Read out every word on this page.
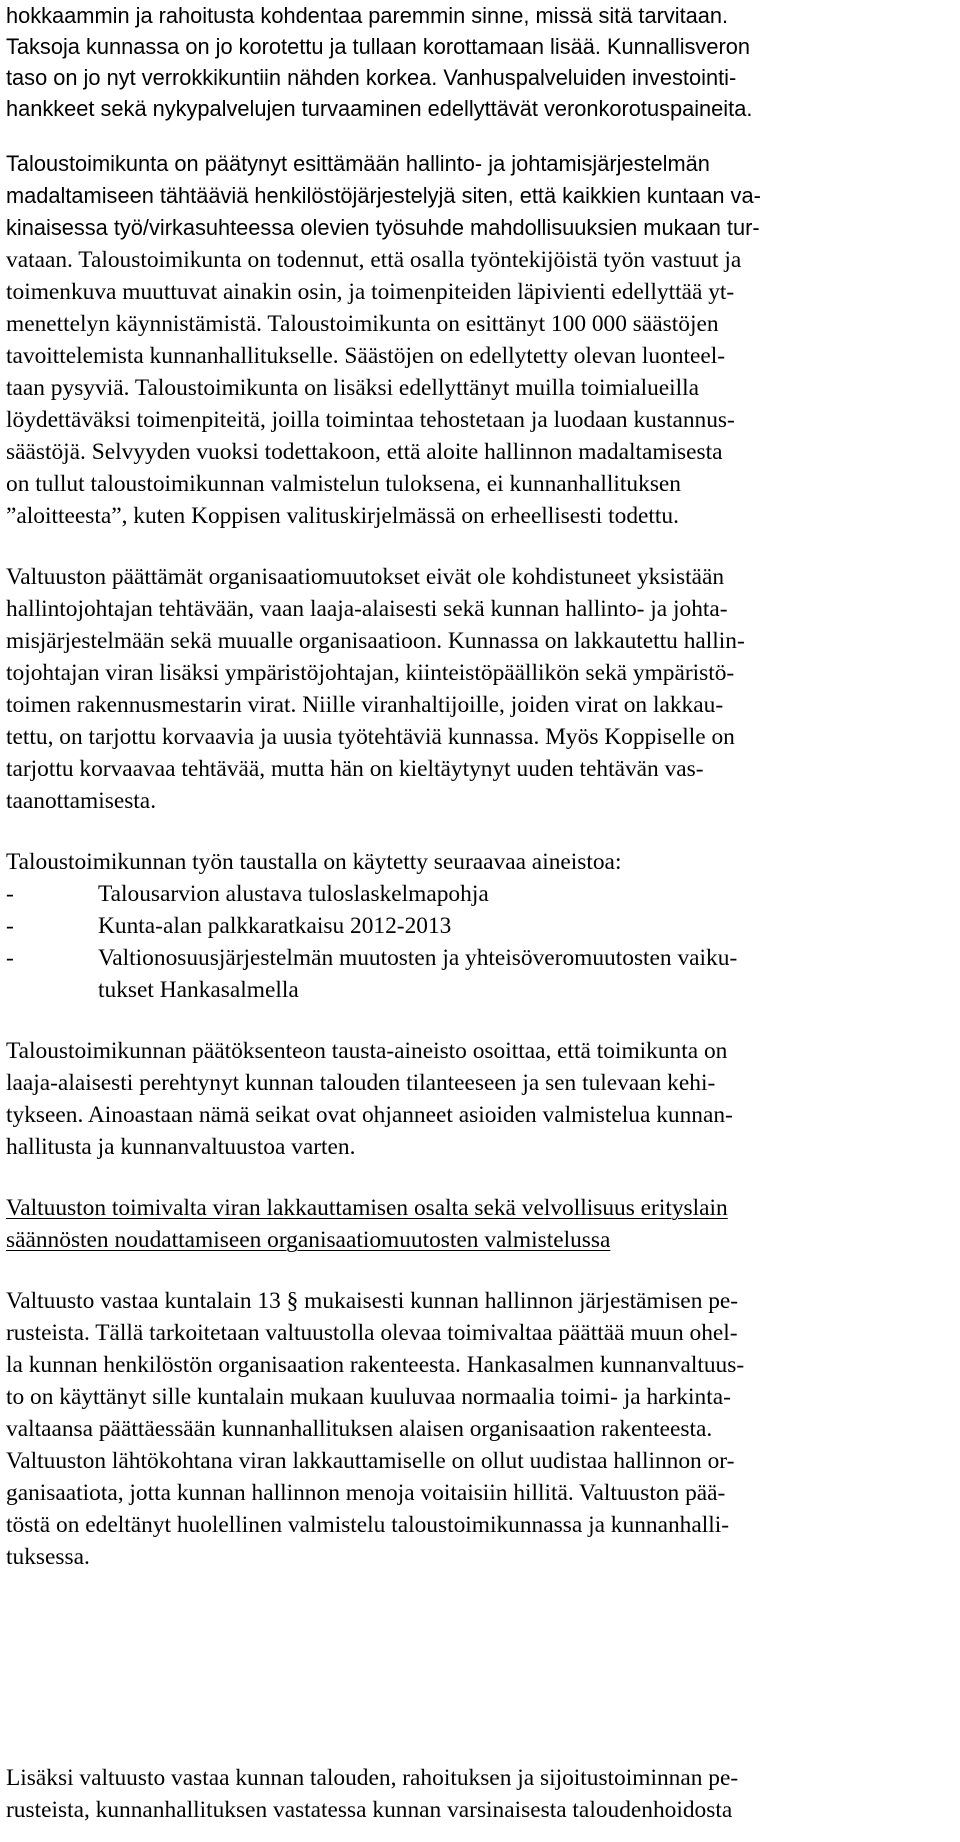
hokkaammin ja rahoitusta kohdentaa paremmin sinne, missä sitä tarvitaan.

Taksoja kunnassa on jo korotettu ja tullaan korottamaan lisää. Kunnallisveron

taso on jo nyt verrokkikuntiin nähden korkea. Vanhuspalveluiden investointi-

hankkeet sekä nykypalvelujen turvaaminen edellyttävät veronkorotuspaineita.

Taloustoimikunta on päätynyt esittämään hallinto- ja johtamisjärjestelmän

madaltamiseen tähtääviä henkilöstöjärjestelyjä siten, että kaikkien kuntaan va-

kinaisessa työ/virkasuhteessa olevien työsuhde mahdollisuuksien mukaan tur-

vataan. Taloustoimikunta on todennut, että osalla työntekijöistä työn vastuut ja

toimenkuva muuttuvat ainakin osin, ja toimenpiteiden läpivienti edellyttää yt-

menettelyn käynnistämistä. Taloustoimikunta on esittänyt 100 000 säästöjen

tavoittelemista kunnanhallitukselle. Säästöjen on edellytetty olevan luonteel-

taan pysyviä. Taloustoimikunta on lisäksi edellyttänyt muilla toimialueilla

löydettäväksi toimenpiteitä, joilla toimintaa tehostetaan ja luodaan kustannus-

säästöjä. Selvyyden vuoksi todettakoon, että aloite hallinnon madaltamisesta

on tullut taloustoimikunnan valmistelun tuloksena, ei kunnanhallituksen

”aloitteesta”, kuten Koppisen valituskirjelmässä on erheellisesti todettu.

Valtuuston päättämät organisaatiomuutokset eivät ole kohdistuneet yksistään

hallintojohtajan tehtävään, vaan laaja-alaisesti sekä kunnan hallinto- ja johta-

misjärjestelmään sekä muualle organisaatioon. Kunnassa on lakkautettu hallin-

tojohtajan viran lisäksi ympäristöjohtajan, kiinteistöpäällikön sekä ympäristö-

toimen rakennusmestarin virat. Niille viranhaltijoille, joiden virat on lakkau-

tettu, on tarjottu korvaavia ja uusia työtehtäviä kunnassa. Myös Koppiselle on

tarjottu korvaavaa tehtävää, mutta hän on kieltäytynyt uuden tehtävän vas-

taanottamisesta.

Taloustoimikunnan työn taustalla on käytetty seuraavaa aineistoa:

-	Talousarvion alustava tuloslaskelmapohja
-	Kunta-alan palkkaratkaisu 2012-2013
-	Valtionosuusjärjestelmän muutosten ja yhteisöveromuutosten vaiku-
tukset Hankasalmella

Taloustoimikunnan päätöksenteon tausta-aineisto osoittaa, että toimikunta on

laaja-alaisesti perehtynyt kunnan talouden tilanteeseen ja sen tulevaan kehi-

tykseen. Ainoastaan nämä seikat ovat ohjanneet asioiden valmistelua kunnan-

hallitusta ja kunnanvaltuustoa varten.

Valtuuston toimivalta viran lakkauttamisen osalta sekä velvollisuus erityslain

säännösten noudattamiseen organisaatiomuutosten valmistelussa

Valtuusto vastaa kuntalain 13 § mukaisesti kunnan hallinnon järjestämisen pe-

rusteista. Tällä tarkoitetaan valtuustolla olevaa toimivaltaa päättää muun ohel-

la kunnan henkilöstön organisaation rakenteesta. Hankasalmen kunnanvaltuus-

to on käyttänyt sille kuntalain mukaan kuuluvaa normaalia toimi- ja harkinta-

valtaansa päättäessään kunnanhallituksen alaisen organisaation rakenteesta.

Valtuuston lähtökohtana viran lakkauttamiselle on ollut uudistaa hallinnon or-

ganisaatiota, jotta kunnan hallinnon menoja voitaisiin hillitä. Valtuuston pää-

töstä on edeltänyt huolellinen valmistelu taloustoimikunnassa ja kunnanhalli-

tuksessa.

Lisäksi valtuusto vastaa kunnan talouden, rahoituksen ja sijoitustoiminnan pe-

rusteista, kunnanhallituksen vastatessa kunnan varsinaisesta taloudenhoidosta
